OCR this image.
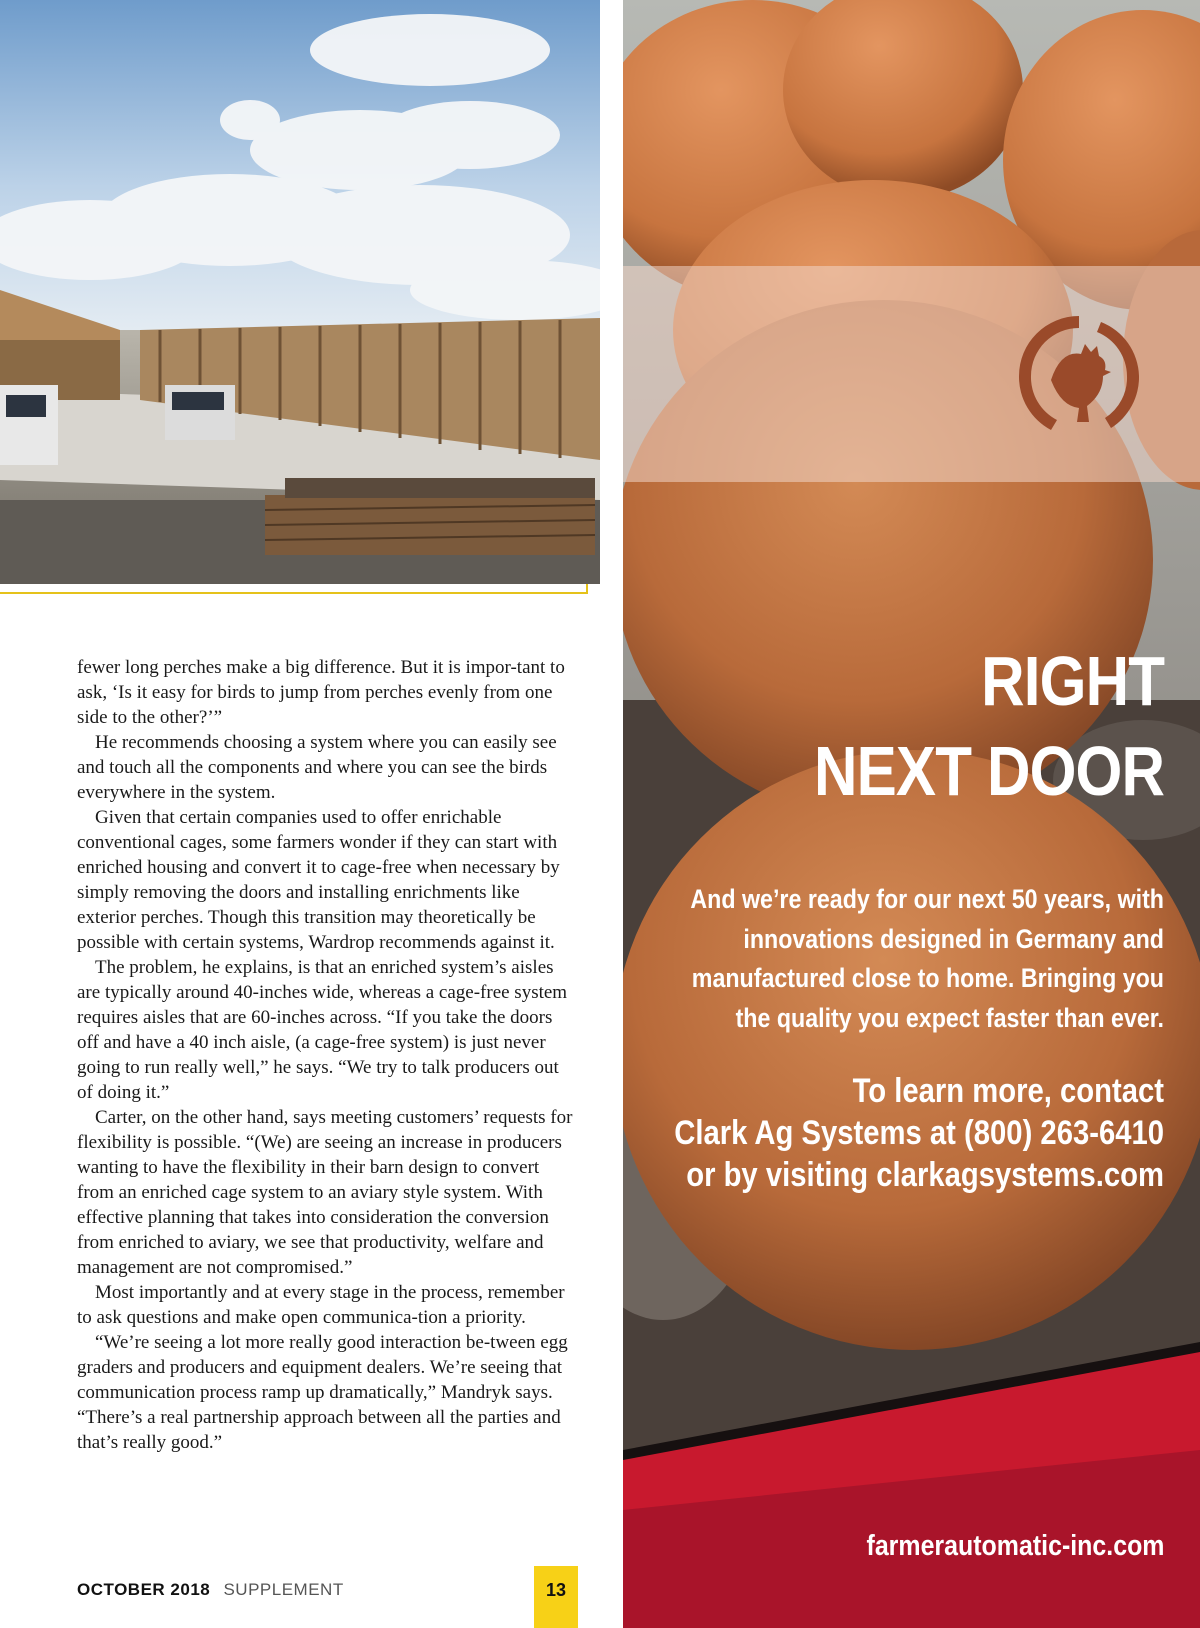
fewer long perches make a big difference. But it is impor-tant to ask, ‘Is it easy for birds to jump from perches evenly from one side to the other?’”

He recommends choosing a system where you can easily see and touch all the components and where you can see the birds everywhere in the system.

Given that certain companies used to offer enrichable conventional cages, some farmers wonder if they can start with enriched housing and convert it to cage-free when necessary by simply removing the doors and installing enrichments like exterior perches. Though this transition may theoretically be possible with certain systems, Wardrop recommends against it.

The problem, he explains, is that an enriched system’s aisles are typically around 40-inches wide, whereas a cage-free system requires aisles that are 60-inches across. “If you take the doors off and have a 40 inch aisle, (a cage-free system) is just never going to run really well,” he says. “We try to talk producers out of doing it.”

Carter, on the other hand, says meeting customers’ requests for flexibility is possible. “(We) are seeing an increase in producers wanting to have the flexibility in their barn design to convert from an enriched cage system to an aviary style system. With effective planning that takes into consideration the conversion from enriched to aviary, we see that productivity, welfare and management are not compromised.”

Most importantly and at every stage in the process, remember to ask questions and make open communica-tion a priority.

“We’re seeing a lot more really good interaction be-tween egg graders and producers and equipment dealers. We’re seeing that communication process ramp up dramatically,” Mandryk says. “There’s a real partnership approach between all the parties and that’s really good.”

OCTOBER 2018 SUPPLEMENT	13
RIGHT
NEXT DOOR
And we’re ready for our next 50 years, with
innovations designed in Germany and
manufactured close to home. Bringing you
the quality you expect faster than ever.
To learn more, contact
Clark Ag Systems at (800) 263-6410
or by visiting clarkagsystems.com
farmerautomatic-inc.com
